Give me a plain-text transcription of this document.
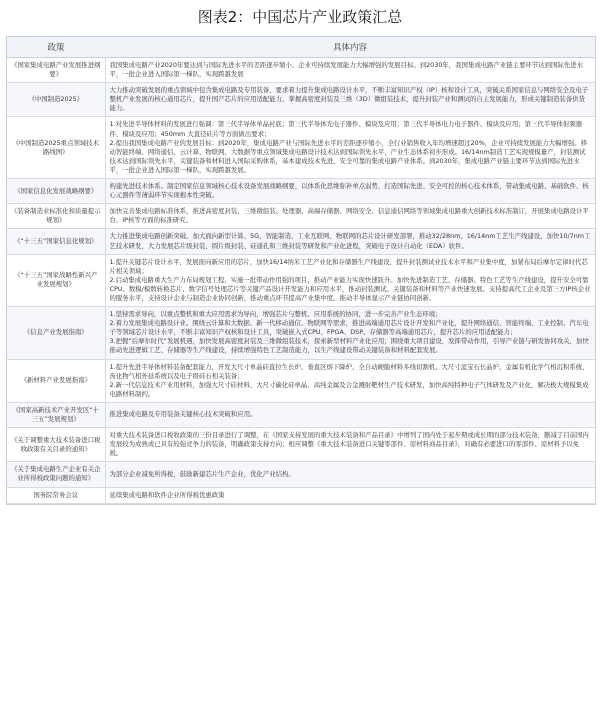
图表2：中国芯片产业政策汇总
政策	具体内容
《国家集成电路产业发展推进纲要》	我国集成电路产业2020年要达到与国际先进水平的差距逐步缩小、企业可持续发展能力大幅增强的发展目标。到2030年，我国集成电路产业链主要环节达到国际先进水平，一批企业进入国际第一梯队，实现跨越发展

《中国制造2025》	大力推动突破发展的重点领域中包含集成电路及专用装备，要求着力提升集成电路设计水平，不断丰富知识产权（IP）核和设计工具，突破关系国家信息与网络安全及电子整机产业发展的核心通用芯片，提升国产芯片的应用适配能力，掌握高密度封装及三维（3D）微组装技术，提升封装产业和测试的自主发展能力，形成关键制造装备供货能力。

《中国制造2025重点领域技术路线图》	1.对先进半导体材料的发展进行强调：第三代半导体单晶衬底；第三代半导体光电子器件、模块及应用；第三代半导体电力电子器件、模块及应用；第三代半导体射频器件、模块及应用；450mm 大直径硅片等方面做出要求；
2.提出我国集成电路产业的发展目标：到2020年，集成电路产业与国际先进水平的差距逐步缩小，全行业销售收入年均增速超过20%，企业可持续发展能力大幅增强。移动智能终端、网络通信、云计算、物联网、大数据等重点领域集成电路设计技术达到国际领先水平，产业生态体系初步形成。16/14nm制造工艺实现规模量产，封装测试技术达到国际领先水平，关键装备和材料进入国际采购体系，基本建成技术先进、安全可靠的集成电路产业体系。到2030年，集成电路产业链主要环节达到国际先进水平，一批企业进入国际第一梯队，实现跨越发展。

《国家信息化发展战略纲要》	构建先进技术体系。制定国家信息领域核心技术设备发展战略纲要，以体系化思维弥补单点弱势，打造国际先进、安全可控的核心技术体系，带动集成电路、基础软件、核心元器件等薄弱环节实现根本性突破。

《装备制造业标准化和质量提示规划》	加快完善集成电路标准体系，推进高密度封装、三维微组装、处理器、高端存储器、网络安全、信息通信网络等领域集成电路重大创新技术标准制订，开展集成电路设计平台、IP核等方面的标准研究。

《“十三五”国家信息化规划》	大力推进集成电路创新突破。加大面向新型计算、5G、智能制造、工业互联网、物联网的芯片设计研发部署，推动32/28nm、16/14nm工艺生产线建设，加快10/7nm工艺技术研发，大力发展芯片级封装、圆片级封装、硅通孔和三维封装等研发和产业化进程，突破电子设计自动化（EDA）软件。

《“十三五”国家战略性新兴产业发展规划》	1.提升关键芯片设计水平，发展面向新应用的芯片，加快16/14纳米工艺产业化和存储器生产线建设，提升封装测试业技术水平和产业集中度，加紧布局后摩尔定律时代芯片相关领域；
2.启动集成电路重大生产力布局规划工程，实施一批带动作用强的项目，推动产业能力实现快速跃升。加快先进制造工艺、存储器、特色工艺等生产线建设，提升安全可靠CPU、数模/模数转换芯片、数字信号处理芯片等关键产品设计开发能力和应用水平，推动封装测试、关键装备和材料等产业快速发展。支持提高代工企业及第三方IP核企业的服务水平，支持设计企业与制造企业协同创新，推动重点环节提高产业集中度。推动半导体显示产业链协同创新。

《信息产业发展指南》	1.坚持需求导向，以重点整机和重大应用需求为导向，增强芯片与整机、应用系统的协同，进一步完善产业生态环境；
2.着力发展集成电路设计业。围绕云计算和大数据、新一代移动通信、物联网等需求，推进高端通用芯片设计开发和产业化，提升网络通信、智能终端、工业控制、汽车电子等领域芯片设计水平，不断丰富知识产权核和设计工具，突破嵌入式CPU、FPGA、DSP、存储器等高端通用芯片，提升芯片的应用适配能力；
3.把握“后摩尔时代”发展机遇，加快发展高密度封装及三维微组装技术，探索新型材料产业化应用；围绕重大项目建设，发挥带动作用，引导产业链与研发协同攻关，加快推动先进逻辑工艺、存储器等生产线建设，持续增强特色工艺制造能力，以生产线建设带动关键装备和材料配套发展。

《新材料产业发展指南》	1.提升先进半导体材料装备配套能力，开发大尺寸单晶硅直拉生长炉、垂直区熔下降炉、全自动硬脆材料多线切割机、大尺寸蓝宝石长晶炉、金属有机化学气相沉积系统、齿化物气相外延系统以及电子级硅石相关装备；
2.新一代信息技术产业用材料，加强大尺寸硅材料、大尺寸碳化硅单晶、高纯金属及合金溅射靶材生产技术研发，加快高纯特种电子气体研发及产业化，解决极大规模集成电路材料制约。

《国家高新技术产业开发区“十三五”发展规划》	推进集成电路及专用装备关键核心技术突破和应用。

《关于调整重大技术装备进口税收政策有关目录的通知》	对重大技术装备进口税收政策的三份目录进行了调整，在《国家支持发展的重大技术装备和产品目录》中增列了国内处于起步期或成长期的部分技术装备，删减了目前国内发展较为成熟或已具有较强竞争力的装备，明确政策支持方向；相应调整《重大技术装备进口关键零部件、原材料商品目录》，对确有必要进口的零部件、原材料予以免税。

《关于集成电路生产企业有关企业所得税政策问题的通知》	为部分企业减免所得税，鼓励新建芯片生产企业，优化产业结构。

国务院常务会议	延续集成电路和软件企业所得税优惠政策
